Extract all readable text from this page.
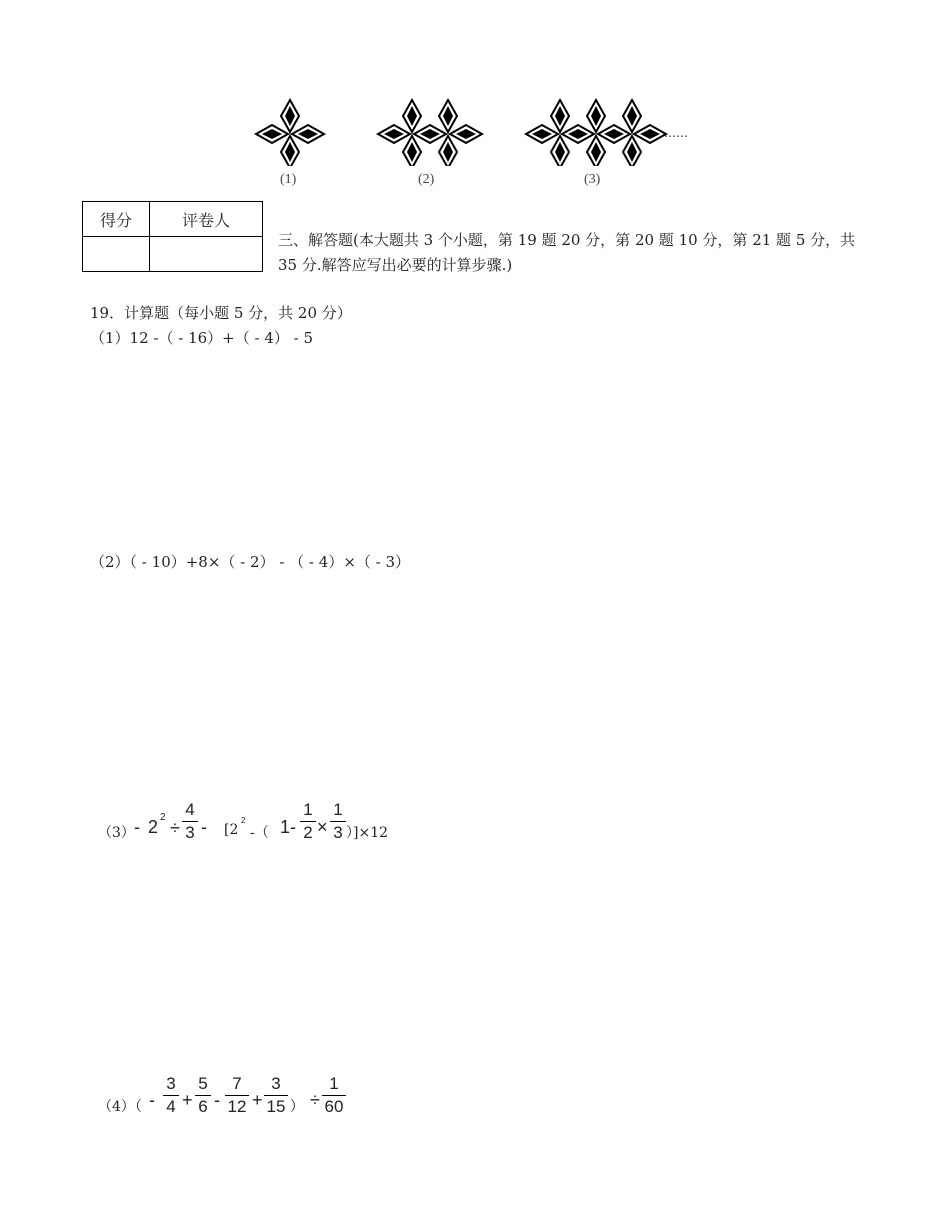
……
(1)	(2)	(3)
得分	评卷人

三、解答题(本大题共 3 个小题，第 19 题 20 分，第 20 题 10 分，第 21 题 5 分，共 35 分.解答应写出必要的计算步骤.)
19．计算题（每小题 5 分，共 20 分）
（1）12 -（ - 16）+（ - 4） - 5
（2）（ - 10）+8×（ - 2） - （ - 4）×（ - 3）
（3） - 2 2
÷
4
3 - [2
2
-（ 1-
1
2 ×
1
3 ）]×12
（4）（ -
3
4 +
5
6 -
7
12 +
3
15 ） ÷
1
60
